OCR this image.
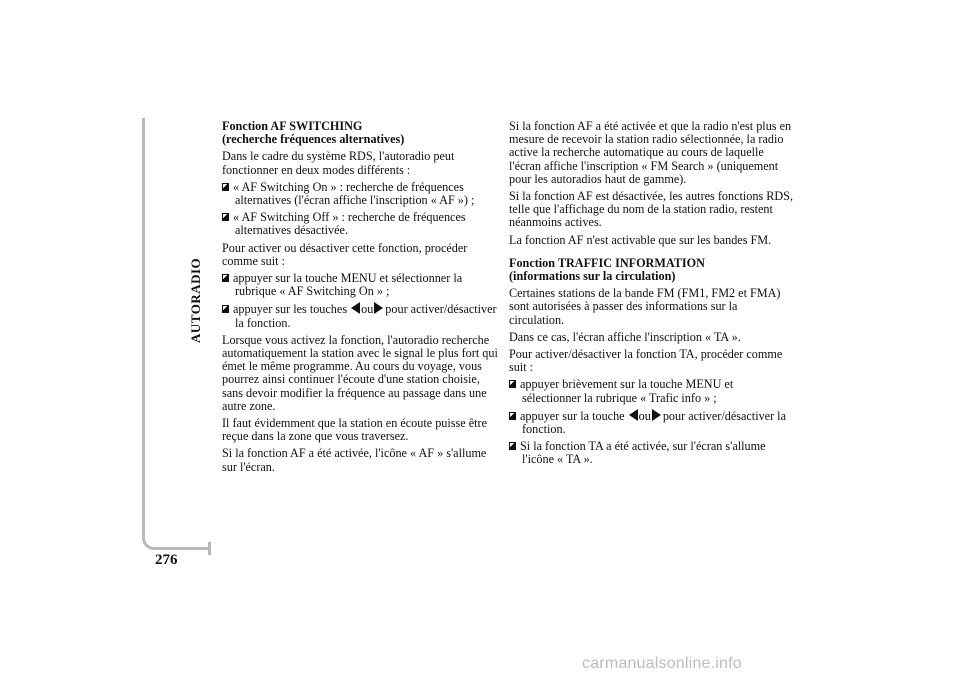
AUTORADIO
276
Fonction AF SWITCHING
(recherche fréquences alternatives)

Dans le cadre du système RDS, l'autoradio peut fonctionner en deux modes différents :

« AF Switching On » : recherche de fréquences alternatives (l'écran affiche l'inscription « AF ») ;

« AF Switching Off » : recherche de fréquences alternatives désactivée.

Pour activer ou désactiver cette fonction, procéder comme suit :

appuyer sur la touche MENU et sélectionner la rubrique « AF Switching On » ;

appuyer sur les touches ou pour activer/désactiver la fonction.

Lorsque vous activez la fonction, l'autoradio recherche automatiquement la station avec le signal le plus fort qui émet le même programme. Au cours du voyage, vous pourrez ainsi continuer l'écoute d'une station choisie, sans devoir modifier la fréquence au passage dans une autre zone.

Il faut évidemment que la station en écoute puisse être reçue dans la zone que vous traversez.

Si la fonction AF a été activée, l'icône « AF » s'allume sur l'écran.

Si la fonction AF a été activée et que la radio n'est plus en mesure de recevoir la station radio sélectionnée, la radio active la recherche automatique au cours de laquelle l'écran affiche l'inscription « FM Search » (uniquement pour les autoradios haut de gamme).

Si la fonction AF est désactivée, les autres fonctions RDS, telle que l'affichage du nom de la station radio, restent néanmoins actives.

La fonction AF n'est activable que sur les bandes FM.

Fonction TRAFFIC INFORMATION
(informations sur la circulation)

Certaines stations de la bande FM (FM1, FM2 et FMA) sont autorisées à passer des informations sur la circulation.

Dans ce cas, l'écran affiche l'inscription « TA ».

Pour activer/désactiver la fonction TA, procéder comme suit :

appuyer brièvement sur la touche MENU et sélectionner la rubrique « Trafic info » ;

appuyer sur la touche ou pour activer/désactiver la fonction.

Si la fonction TA a été activée, sur l'écran s'allume l'icône « TA ».

carmanualsonline.info
